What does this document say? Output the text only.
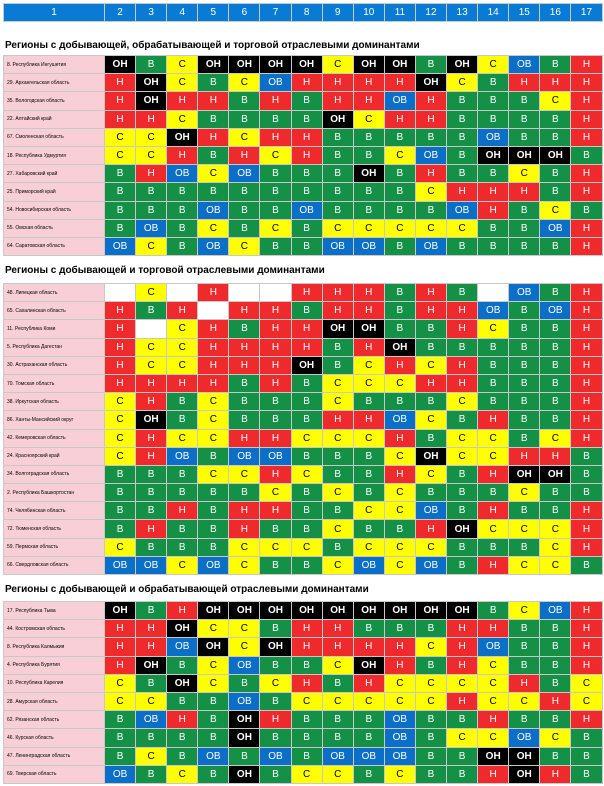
1	2	3	4	5	6	7	8	9	10	11	12	13	14	15	16	17
Регионы с добывающей, обрабатывающей и торговой отраслевыми доминантами
8. Республика Ингушетия	ОН	В	С	ОН	ОН	ОН	ОН	С	ОН	ОН	В	ОН	С	ОВ	В	Н
29. Архангельская область	Н	ОН	С	В	С	ОВ	Н	Н	Н	Н	ОН	С	В	Н	Н	Н
35. Вологодская область	Н	ОН	Н	Н	В	Н	В	Н	Н	ОВ	Н	В	В	В	С	Н
22. Алтайский край	Н	Н	С	В	В	В	В	ОН	С	Н	Н	В	В	В	В	Н
67. Смоленская область	С	С	ОН	Н	С	Н	Н	В	В	В	В	В	ОВ	В	В	Н
18. Республика Удмуртия	С	С	Н	В	Н	С	Н	В	В	С	ОВ	В	ОН	ОН	ОН	В
27. Хабаровский край	В	Н	ОВ	С	ОВ	В	В	В	ОН	В	Н	В	В	С	В	Н
25. Приморский край	В	В	В	В	В	В	В	В	В	В	С	Н	Н	Н	В	Н
54. Новосибирская область	В	В	В	ОВ	В	В	ОВ	В	В	В	В	ОВ	Н	В	С	В
55. Омская область	В	ОВ	В	С	В	С	В	С	С	С	С	С	В	В	ОВ	Н
64. Саратовская область	ОВ	С	В	ОВ	С	В	В	ОВ	ОВ	В	ОВ	В	В	В	В	Н
Регионы с добывающей и торговой отраслевыми доминантами
48. Липецкая область		С		Н			Н	Н	Н	В	Н	В		ОВ	В	Н
65. Сахалинская область	Н	В	Н		Н	Н	В	Н	Н	В	Н	Н	ОВ	В	ОВ	Н
11. Республика Коми	Н		С	Н	В	Н	Н	ОН	ОН	В	В	Н	С	В	В	Н
5. Республика Дагестан	Н	С	С	Н	Н	Н	Н	В	Н	ОН	В	В	В	В	В	Н
30. Астраханская область	Н	С	С	Н	Н	Н	ОН	В	С	Н	С	Н	В	В	В	Н
70. Томская область	Н	Н	Н	Н	В	Н	В	С	С	С	Н	Н	В	В	В	Н
38. Иркутская область	С	Н	В	С	В	В	В	С	В	В	В	С	В	В	В	Н
86. Ханты-Мансийский округ	С	ОН	В	С	В	В	В	Н	Н	ОВ	С	В	Н	В	В	Н
42. Кемеровская область	С	Н	С	С	Н	Н	С	С	С	Н	В	С	С	В	С	Н
24. Красноярский край	С	Н	ОВ	В	ОВ	ОВ	В	В	В	С	ОН	С	С	Н	Н	В
34. Волгоградская область	В	В	В	С	С	Н	С	В	В	Н	С	В	Н	ОН	ОН	В
2. Республика Башкортостан	В	В	В	В	В	С	В	С	В	С	В	В	В	С	В	В
74. Челябинская область	В	В	Н	В	Н	Н	В	В	С	С	ОВ	В	Н	В	В	Н
72. Тюменская область	В	Н	В	В	Н	В	В	С	В	В	Н	ОН	С	С	С	Н
59. Пермская область	С	В	В	В	С	С	С	В	С	С	С	В	В	В	С	Н
66. Свердловская область	ОВ	ОВ	С	ОВ	С	В	В	С	ОВ	С	ОВ	В	Н	С	С	В
Регионы с добывающей и обрабатывающей отраслевыми доминантами
17. Республика Тыва	ОН	В	Н	ОН	ОН	ОН	ОН	ОН	ОН	ОН	ОН	ОН	В	С	ОВ	Н
44. Костромская область	Н	Н	ОН	С	С	В	Н	Н	В	В	В	Н	Н	В	В	Н
8. Республика Калмыкия	Н	Н	ОВ	ОН	С	ОН	Н	Н	Н	Н	С	Н	ОВ	В	В	Н
4. Республика Бурятия	Н	ОН	В	С	ОВ	В	В	С	ОН	Н	В	Н	С	В	В	Н
10. Республика Карелия	С	В	ОН	С	В	С	Н	В	Н	С	С	С	С	Н	В	С
28. Амурская область	С	С	В	В	ОВ	В	С	С	С	С	С	Н	С	С	Н	С
62. Рязанская область	В	ОВ	Н	В	ОН	Н	В	В	В	ОВ	В	В	Н	В	В	Н
46. Курская область	В	В	В	В	ОН	В	В	В	В	ОВ	В	С	С	ОВ	С	В
47. Ленинградская область	В	С	В	ОВ	В	ОВ	В	ОВ	ОВ	ОВ	В	В	ОН	ОН	В	В
69. Тверская область	ОВ	В	С	В	ОН	В	С	С	В	С	В	В	Н	ОН	Н	В
